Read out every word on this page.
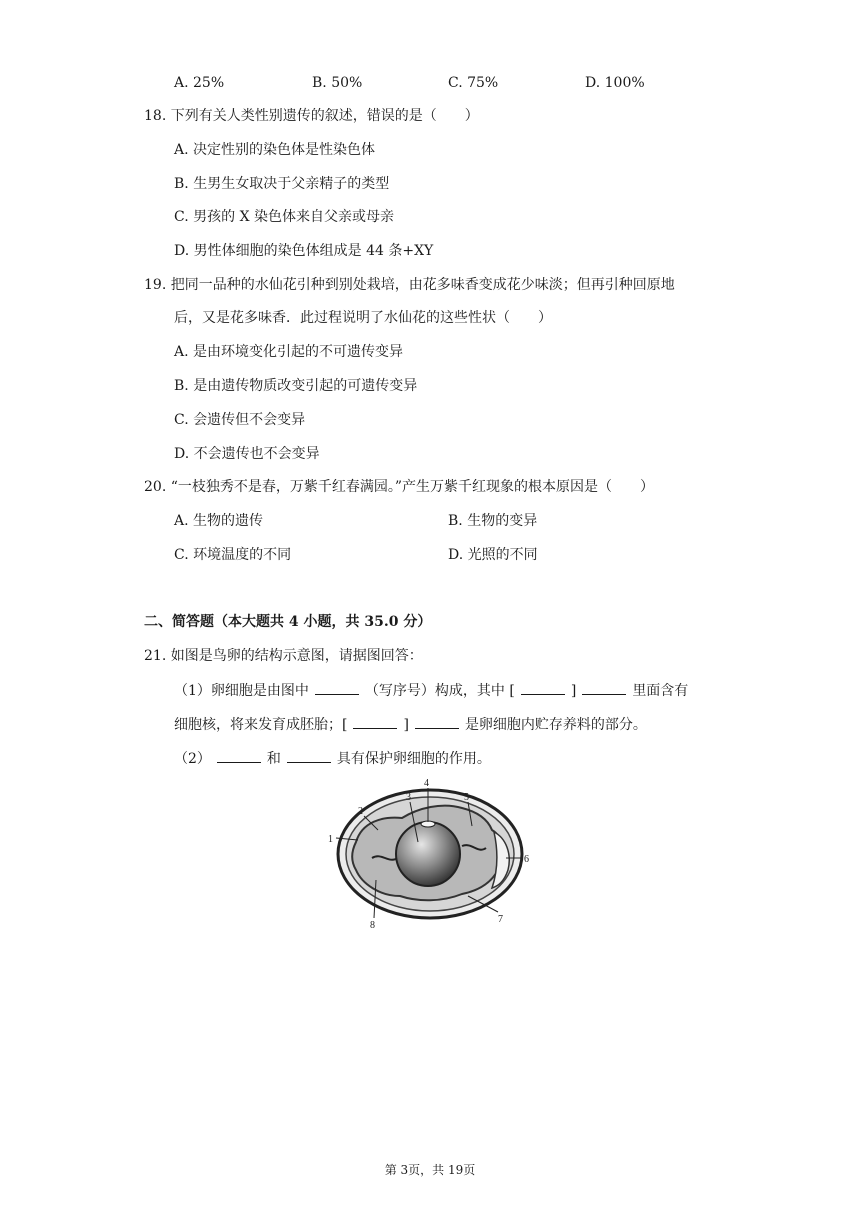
A. 25%	B. 50%	C. 75%	D. 100%
18. 下列有关人类性别遗传的叙述，错误的是（　　）
A. 决定性别的染色体是性染色体
B. 生男生女取决于父亲精子的类型
C. 男孩的 X 染色体来自父亲或母亲
D. 男性体细胞的染色体组成是 44 条+XY
19. 把同一品种的水仙花引种到别处栽培，由花多味香变成花少味淡；但再引种回原地
后，又是花多味香．此过程说明了水仙花的这些性状（　　）
A. 是由环境变化引起的不可遗传变异
B. 是由遗传物质改变引起的可遗传变异
C. 会遗传但不会变异
D. 不会遗传也不会变异
20. “一枝独秀不是春，万紫千红春满园。”产生万紫千红现象的根本原因是（　　）
A. 生物的遗传	B. 生物的变异
C. 环境温度的不同	D. 光照的不同
二、简答题（本大题共 4 小题，共 35.0 分）
21. 如图是鸟卵的结构示意图，请据图回答：
（1）卵细胞是由图中	（写序号）构成，其中 [	]	里面含有
细胞核，将来发育成胚胎；[	]	是卵细胞内贮存养料的部分。
（2）	和	具有保护卵细胞的作用。
1
2
3
4
5
6
7
8
第 3页，共 19页
